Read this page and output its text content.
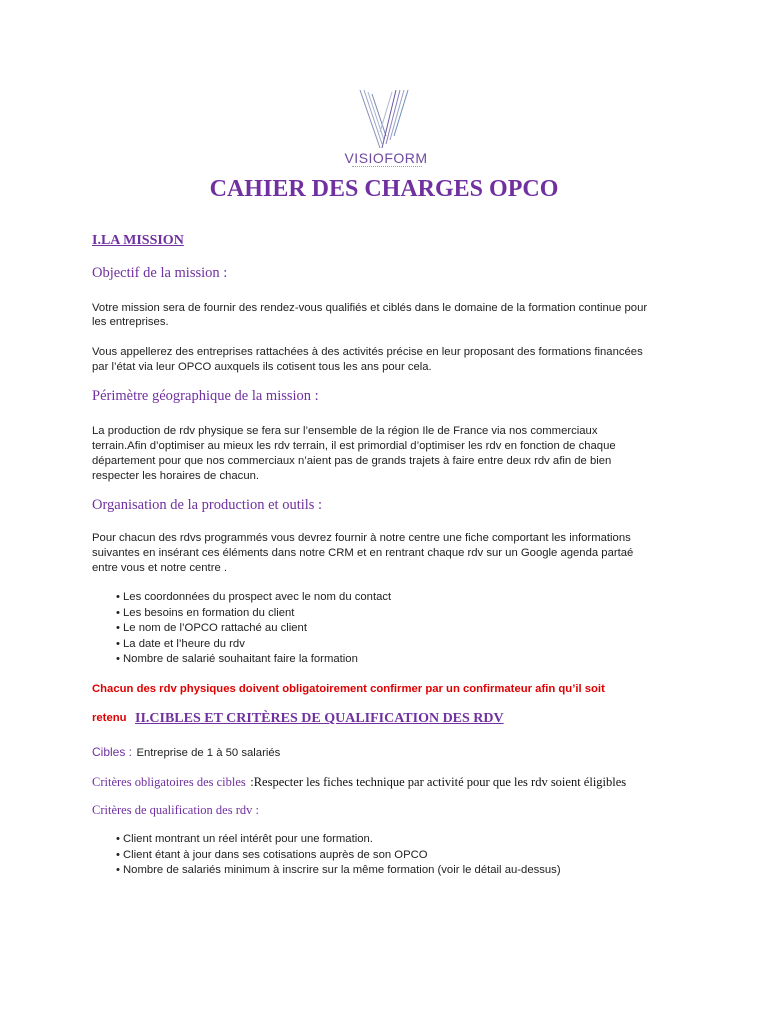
VISIOFORM
CAHIER DES CHARGES OPCO
I.LA MISSION
Objectif de la mission :
Votre mission sera de fournir des rendez-vous qualifiés et ciblés dans le domaine de la formation continue pour
les entreprises.
Vous appellerez des entreprises rattachées à des activités précise en leur proposant des formations financées
par l’état via leur OPCO auxquels ils cotisent tous les ans pour cela.
Périmètre géographique de la mission :
La production de rdv physique se fera sur l’ensemble de la région Ile de France via nos commerciaux
terrain.Afin d’optimiser au mieux les rdv terrain, il est primordial d’optimiser les rdv en fonction de chaque
département pour que nos commerciaux n’aient pas de grands trajets à faire entre deux rdv afin de bien
respecter les horaires de chacun.
Organisation de la production et outils :
Pour chacun des rdvs programmés vous devrez fournir à notre centre une fiche comportant les informations
suivantes en insérant ces éléments dans notre CRM et en rentrant chaque rdv sur un Google agenda partaé
entre vous et notre centre .
• Les coordonnées du prospect avec le nom du contact
• Les besoins en formation du client
• Le nom de l’OPCO rattaché au client
• La date et l’heure du rdv
• Nombre de salarié souhaitant faire la formation
Chacun des rdv physiques doivent obligatoirement confirmer par un confirmateur afin qu’il soit
retenu II.CIBLES ET CRITÈRES DE QUALIFICATION DES RDV
Cibles : Entreprise de 1 à 50 salariés
Critères obligatoires des cibles :Respecter les fiches technique par activité pour que les rdv soient éligibles
Critères de qualification des rdv :
• Client montrant un réel intérêt pour une formation.
• Client étant à jour dans ses cotisations auprès de son OPCO
• Nombre de salariés minimum à inscrire sur la même formation (voir le détail au-dessus)
